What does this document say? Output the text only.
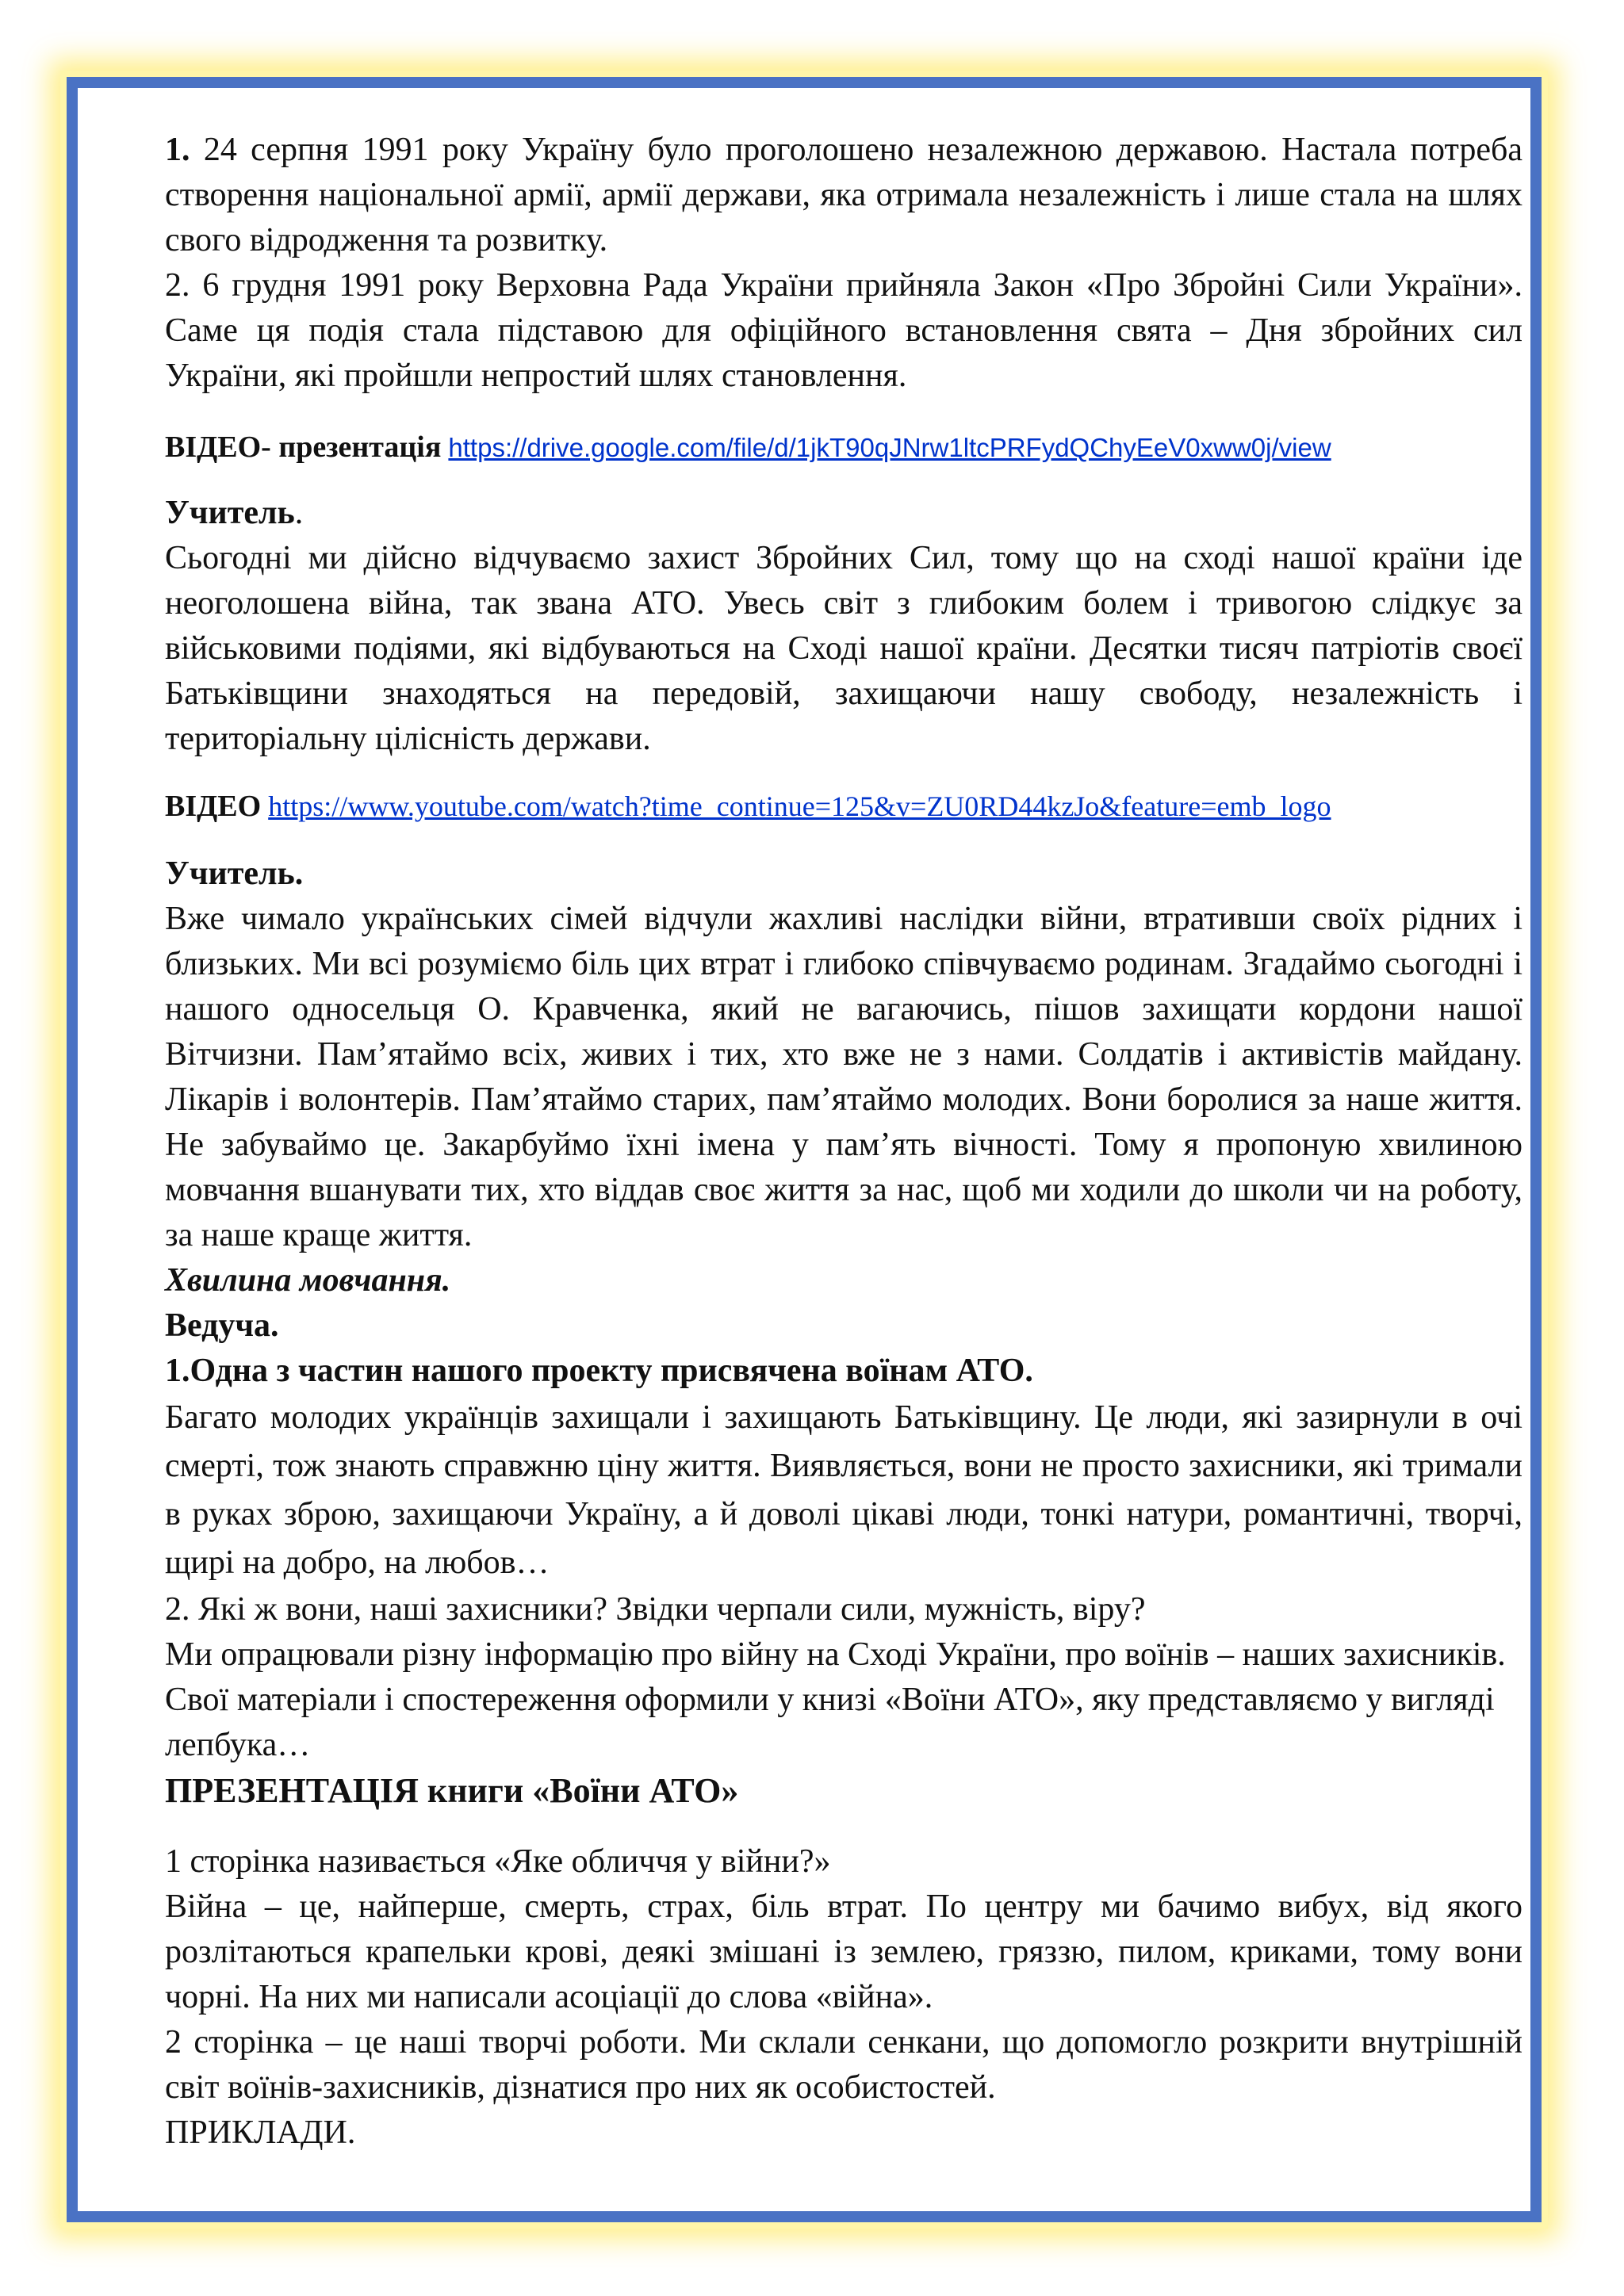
1. 24 серпня 1991 року Україну було проголошено незалежною державою. Настала потреба створення національної армії, армії держави, яка отримала незалежність і лише стала на шлях свого відродження та розвитку.

2. 6 грудня 1991 року Верховна Рада України прийняла Закон «Про Збройні Сили України». Саме ця подія стала підставою для офіційного встановлення свята – Дня збройних сил України, які пройшли непростий шлях становлення.

ВІДЕО- презентація https://drive.google.com/file/d/1jkT90qJNrw1ltcPRFydQChyEeV0xww0j/view

Учитель.

Сьогодні ми дійсно відчуваємо захист Збройних Сил, тому що на сході нашої країни іде неоголошена війна, так звана АТО. Увесь світ з глибоким болем і тривогою слідкує за військовими подіями, які відбуваються на Сході нашої країни. Десятки тисяч патріотів своєї Батьківщини знаходяться на передовій, захищаючи нашу свободу, незалежність і територіальну цілісність держави.

ВІДЕО https://www.youtube.com/watch?time_continue=125&v=ZU0RD44kzJo&feature=emb_logo

Учитель.

Вже чимало українських сімей відчули жахливі наслідки війни, втративши своїх рідних і близьких. Ми всі розуміємо біль цих втрат і глибоко співчуваємо родинам. Згадаймо сьогодні і нашого односельця О. Кравченка, який не вагаючись, пішов захищати кордони нашої Вітчизни. Пам’ятаймо всіх, живих і тих, хто вже не з нами. Солдатів і активістів майдану. Лікарів і волонтерів. Пам’ятаймо старих, пам’ятаймо молодих. Вони боролися за наше життя. Не забуваймо це. Закарбуймо їхні імена у пам’ять вічності. Тому я пропоную хвилиною мовчання вшанувати тих, хто віддав своє життя за нас, щоб ми ходили до школи чи на роботу, за наше краще життя.

Хвилина мовчання.

Ведуча.

1.Одна з частин нашого проекту присвячена воїнам АТО.

Багато молодих українців захищали і захищають Батьківщину. Це люди, які зазирнули в очі смерті, тож знають справжню ціну життя. Виявляється, вони не просто захисники, які тримали в руках зброю, захищаючи Україну, а й доволі цікаві люди, тонкі натури, романтичні, творчі, щирі на добро, на любов…

2. Які ж вони, наші захисники? Звідки черпали сили, мужність, віру?

Ми опрацювали різну інформацію про війну на Сході України, про воїнів – наших захисників.

Свої матеріали і спостереження оформили у книзі «Воїни АТО», яку представляємо у вигляді лепбука…

ПРЕЗЕНТАЦІЯ книги «Воїни АТО»

1 сторінка називається «Яке обличчя у війни?»

Війна – це, найперше, смерть, страх, біль втрат. По центру ми бачимо вибух, від якого розлітаються крапельки крові, деякі змішані із землею, гряззю, пилом, криками, тому вони чорні. На них ми написали асоціації до слова «війна».

2 сторінка – це наші творчі роботи. Ми склали сенкани, що допомогло розкрити внутрішній світ воїнів-захисників, дізнатися про них як особистостей.

ПРИКЛАДИ.
